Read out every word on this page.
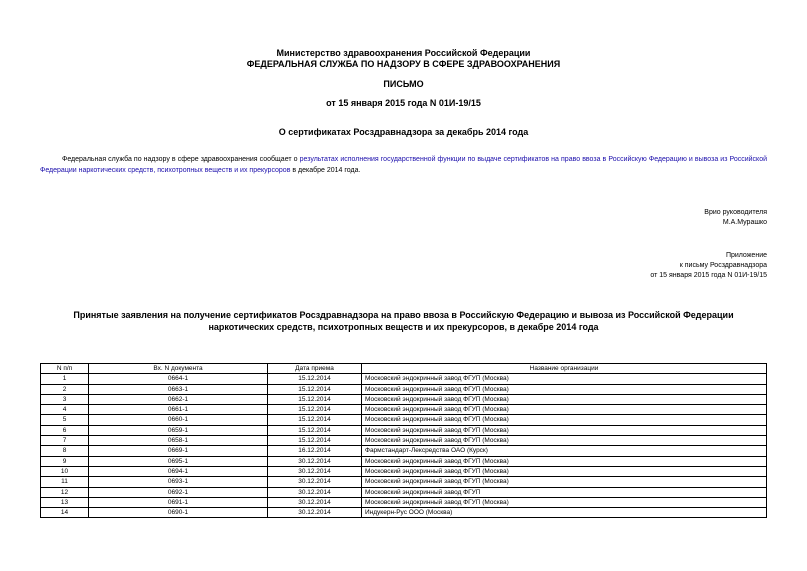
Министерство здравоохранения Российской Федерации
ФЕДЕРАЛЬНАЯ СЛУЖБА ПО НАДЗОРУ В СФЕРЕ ЗДРАВООХРАНЕНИЯ
ПИСЬМО
от 15 января 2015 года N 01И-19/15
О сертификатах Росздравнадзора за декабрь 2014 года
Федеральная служба по надзору в сфере здравоохранения сообщает о результатах исполнения государственной функции по выдаче сертификатов на право ввоза в Российскую Федерацию и вывоза из Российской Федерации наркотических средств, психотропных веществ и их прекурсоров в декабре 2014 года.
Врио руководителя
М.А.Мурашко
Приложение
к письму Росздравнадзора
от 15 января 2015 года N 01И-19/15
Принятые заявления на получение сертификатов Росздравнадзора на право ввоза в Российскую Федерацию и вывоза из Российской Федерации наркотических средств, психотропных веществ и их прекурсоров, в декабре 2014 года
N п/п	Вх. N документа	Дата приема	Название организации
1	0664-1	15.12.2014	Московский эндокринный завод ФГУП (Москва)
2	0663-1	15.12.2014	Московский эндокринный завод ФГУП (Москва)
3	0662-1	15.12.2014	Московский эндокринный завод ФГУП (Москва)
4	0661-1	15.12.2014	Московский эндокринный завод ФГУП (Москва)
5	0660-1	15.12.2014	Московский эндокринный завод ФГУП (Москва)
6	0659-1	15.12.2014	Московский эндокринный завод ФГУП (Москва)
7	0658-1	15.12.2014	Московский эндокринный завод ФГУП (Москва)
8	0669-1	16.12.2014	Фармстандарт-Лексредства ОАО (Курск)
9	0695-1	30.12.2014	Московский эндокринный завод ФГУП (Москва)
10	0694-1	30.12.2014	Московский эндокринный завод ФГУП (Москва)
11	0693-1	30.12.2014	Московский эндокринный завод ФГУП (Москва)
12	0692-1	30.12.2014	Московский эндокринный завод ФГУП
13	0691-1	30.12.2014	Московский эндокринный завод ФГУП (Москва)
14	0690-1	30.12.2014	Индукерн-Рус ООО (Москва)
